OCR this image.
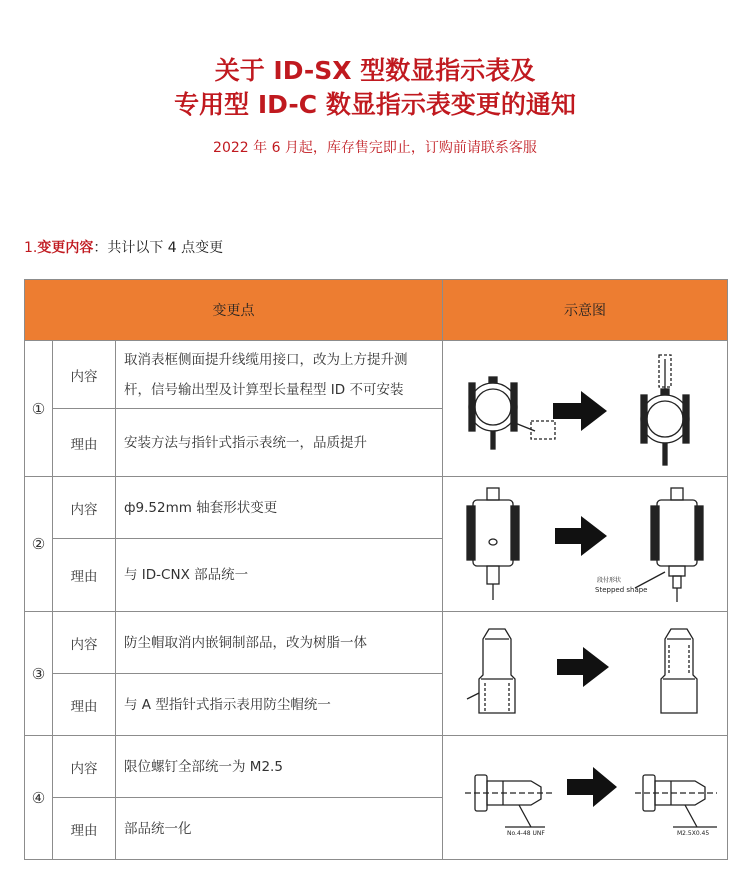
关于 ID-SX 型数显指示表及
专用型 ID-C 数显指示表变更的通知
2022 年 6 月起，库存售完即止，订购前请联系客服
1.变更内容：共计以下 4 点变更
变更点			示意图
①	内容	取消表框侧面提升线缆用接口，改为上方提升测杆，信号输出型及计算型长量程型 ID 不可安装	

	理由	安装方法与指针式指示表统一，品质提升	
②	内容	ф9.52mm 轴套形状变更	段付形状
Stepped shape

	理由	与 ID-CNX 部品统一	
③	内容	防尘帽取消内嵌铜制部品，改为树脂一体	

	理由	与 A 型指针式指示表用防尘帽统一	
④	内容	限位螺钉全部统一为 M2.5	No.4-48 UNF M2.5X0.45

	理由	部品统一化	
